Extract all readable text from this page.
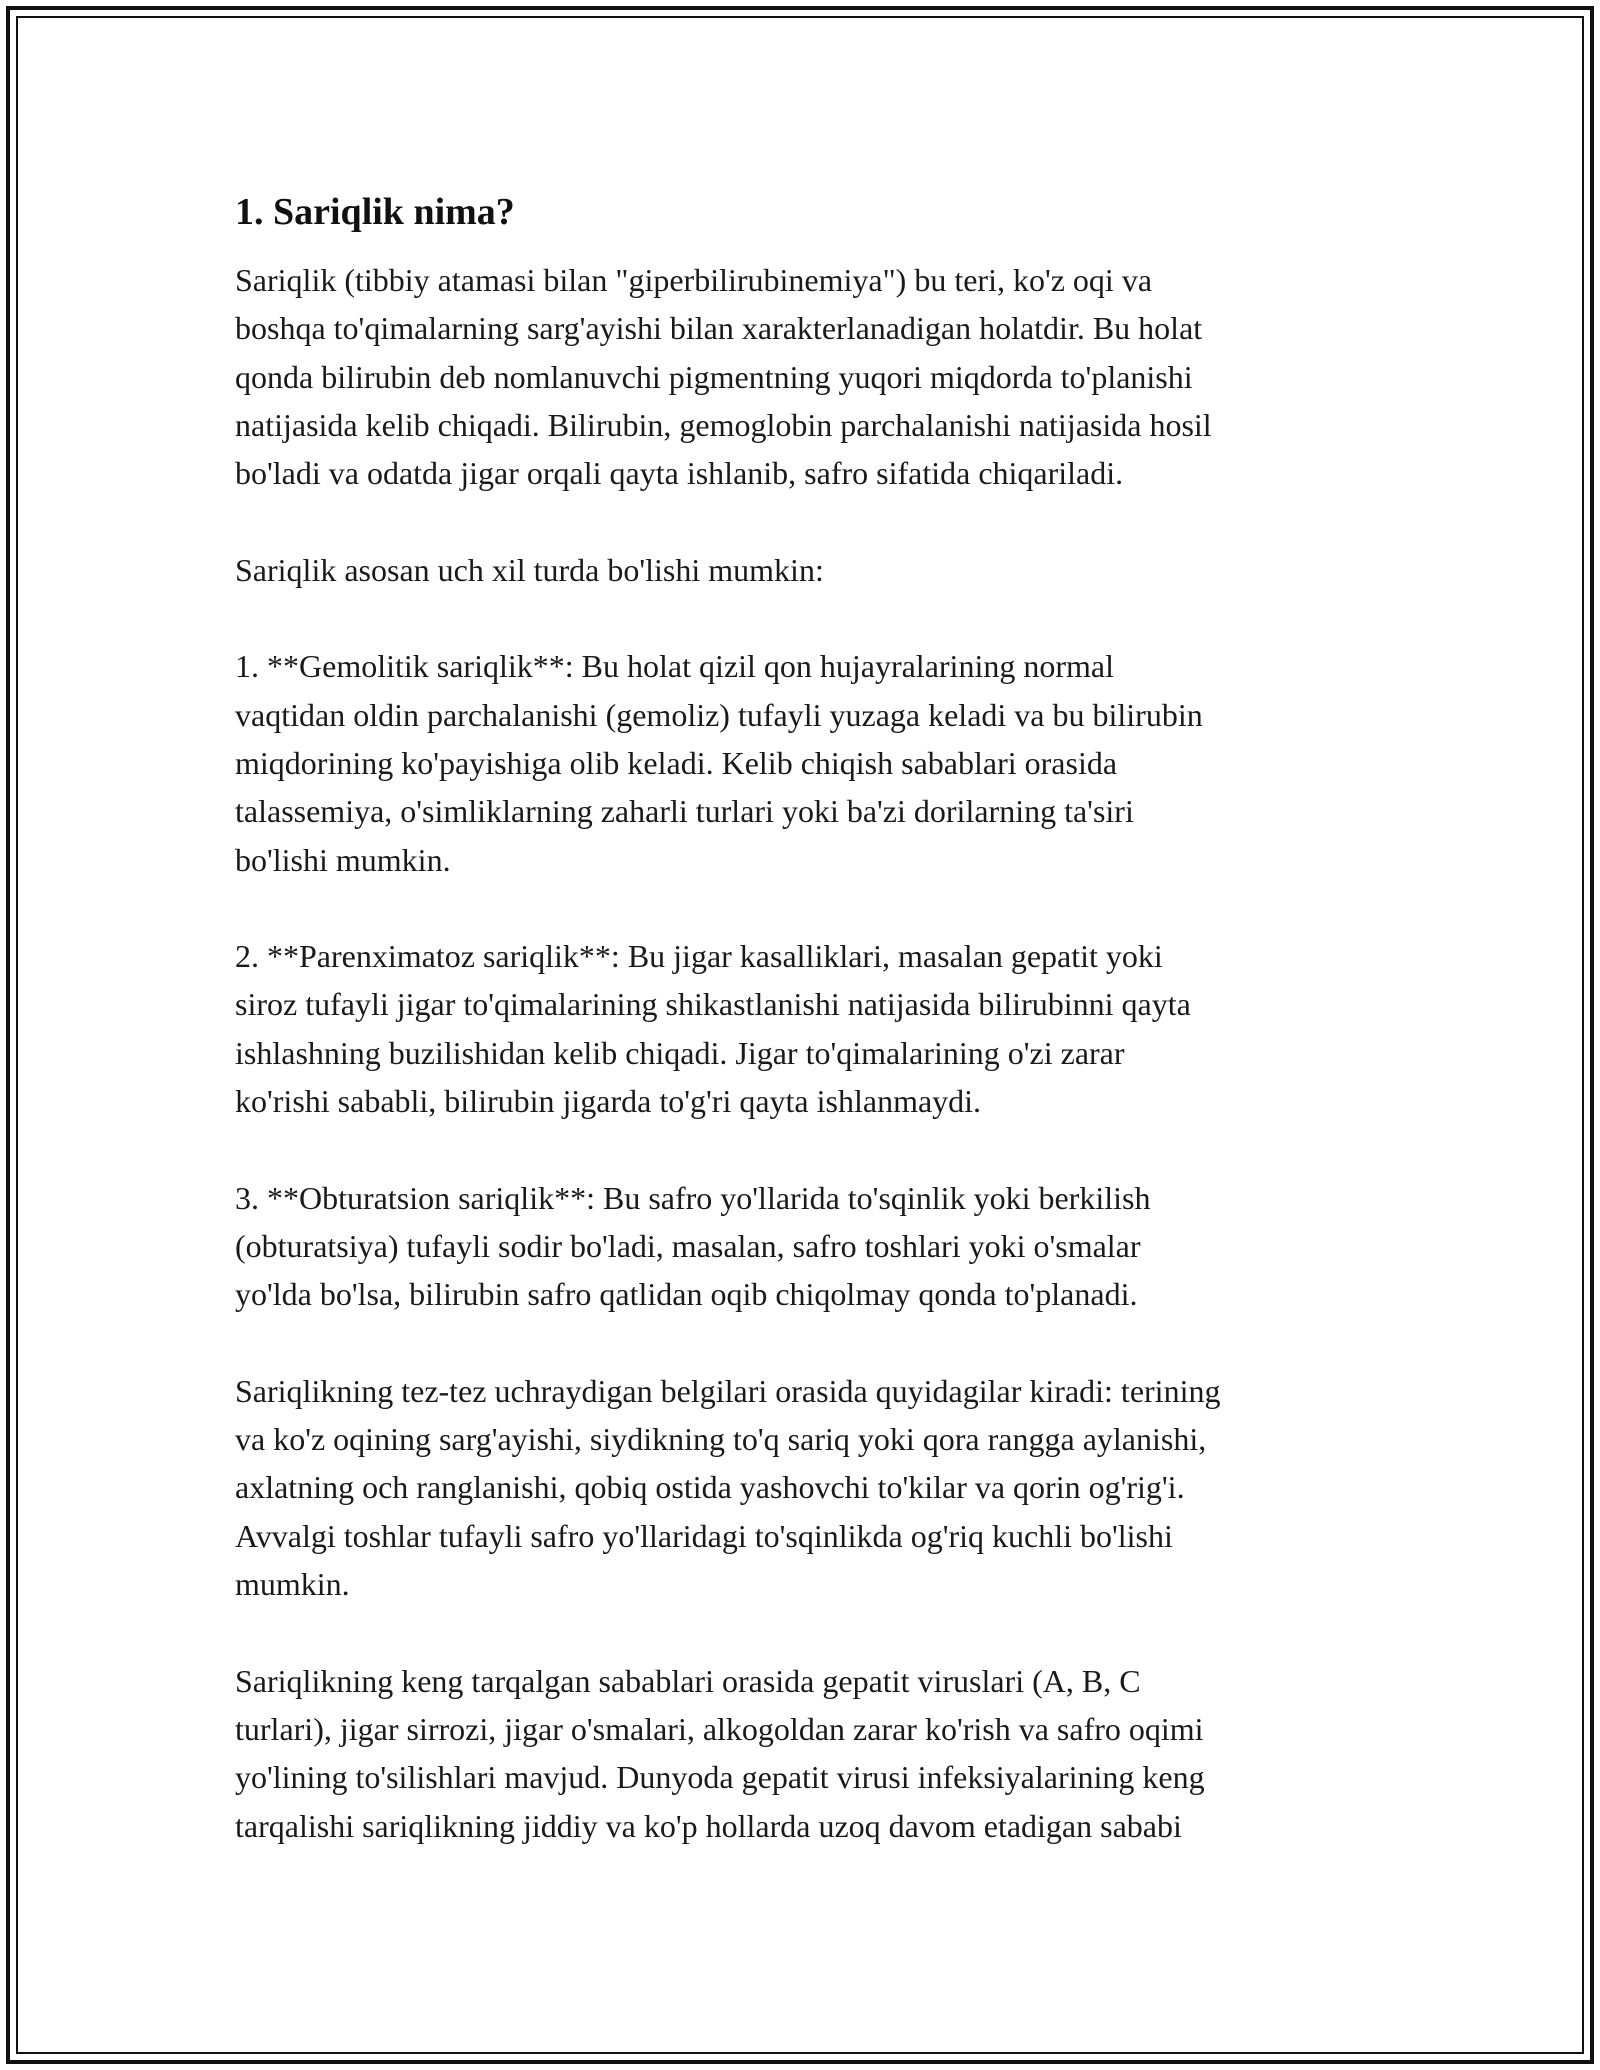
1. Sariqlik nima?
Sariqlik (tibbiy atamasi bilan "giperbilirubinemiya") bu teri, ko'z oqi va
boshqa to'qimalarning sarg'ayishi bilan xarakterlanadigan holatdir. Bu holat
qonda bilirubin deb nomlanuvchi pigmentning yuqori miqdorda to'planishi
natijasida kelib chiqadi. Bilirubin, gemoglobin parchalanishi natijasida hosil
bo'ladi va odatda jigar orqali qayta ishlanib, safro sifatida chiqariladi.
Sariqlik asosan uch xil turda bo'lishi mumkin:
1. **Gemolitik sariqlik**: Bu holat qizil qon hujayralarining normal
vaqtidan oldin parchalanishi (gemoliz) tufayli yuzaga keladi va bu bilirubin
miqdorining ko'payishiga olib keladi. Kelib chiqish sabablari orasida
talassemiya, o'simliklarning zaharli turlari yoki ba'zi dorilarning ta'siri
bo'lishi mumkin.
2. **Parenximatoz sariqlik**: Bu jigar kasalliklari, masalan gepatit yoki
siroz tufayli jigar to'qimalarining shikastlanishi natijasida bilirubinni qayta
ishlashning buzilishidan kelib chiqadi. Jigar to'qimalarining o'zi zarar
ko'rishi sababli, bilirubin jigarda to'g'ri qayta ishlanmaydi.
3. **Obturatsion sariqlik**: Bu safro yo'llarida to'sqinlik yoki berkilish
(obturatsiya) tufayli sodir bo'ladi, masalan, safro toshlari yoki o'smalar
yo'lda bo'lsa, bilirubin safro qatlidan oqib chiqolmay qonda to'planadi.
Sariqlikning tez-tez uchraydigan belgilari orasida quyidagilar kiradi: terining
va ko'z oqining sarg'ayishi, siydikning to'q sariq yoki qora rangga aylanishi,
axlatning och ranglanishi, qobiq ostida yashovchi to'kilar va qorin og'rig'i.
Avvalgi toshlar tufayli safro yo'llaridagi to'sqinlikda og'riq kuchli bo'lishi
mumkin.
Sariqlikning keng tarqalgan sabablari orasida gepatit viruslari (A, B, C
turlari), jigar sirrozi, jigar o'smalari, alkogoldan zarar ko'rish va safro oqimi
yo'lining to'silishlari mavjud. Dunyoda gepatit virusi infeksiyalarining keng
tarqalishi sariqlikning jiddiy va ko'p hollarda uzoq davom etadigan sababi
